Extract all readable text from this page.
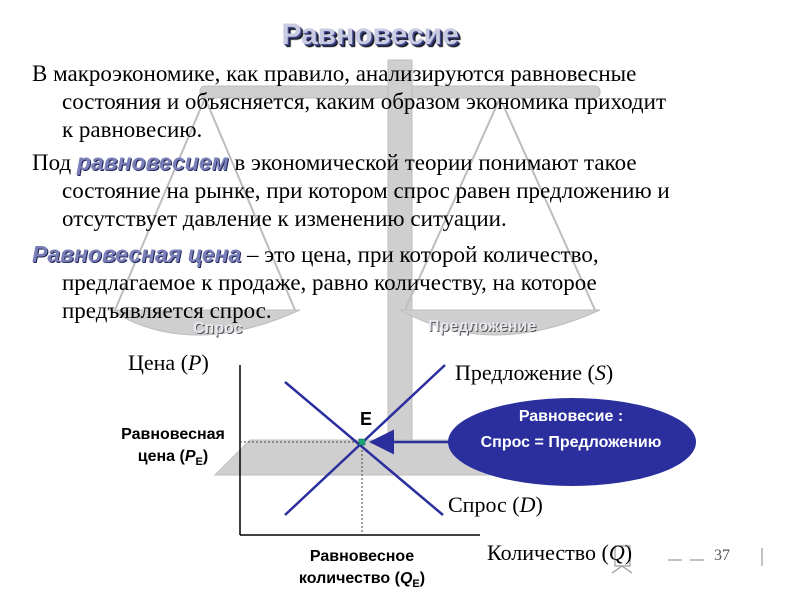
Спрос	Предложение
Равновесие
В макроэкономике, как правило, анализируются равновесные
состояния и объясняется, каким образом экономика приходит
к равновесию.
Под равновесием в экономической теории понимают такое
состояние на рынке, при котором спрос равен предложению и
отсутствует давление к изменению ситуации.
Равновесная цена – это цена, при которой количество,
предлагаемое к продаже, равно количеству, на которое
предъявляется спрос.
Цена (P)	Предложение (S)
Спрос (D)
Количество (Q)
E
Равновесная
цена $(P_E)$
Равновесное
количество $(Q_E)$
Равновесие :
Спрос = Предложению
37
